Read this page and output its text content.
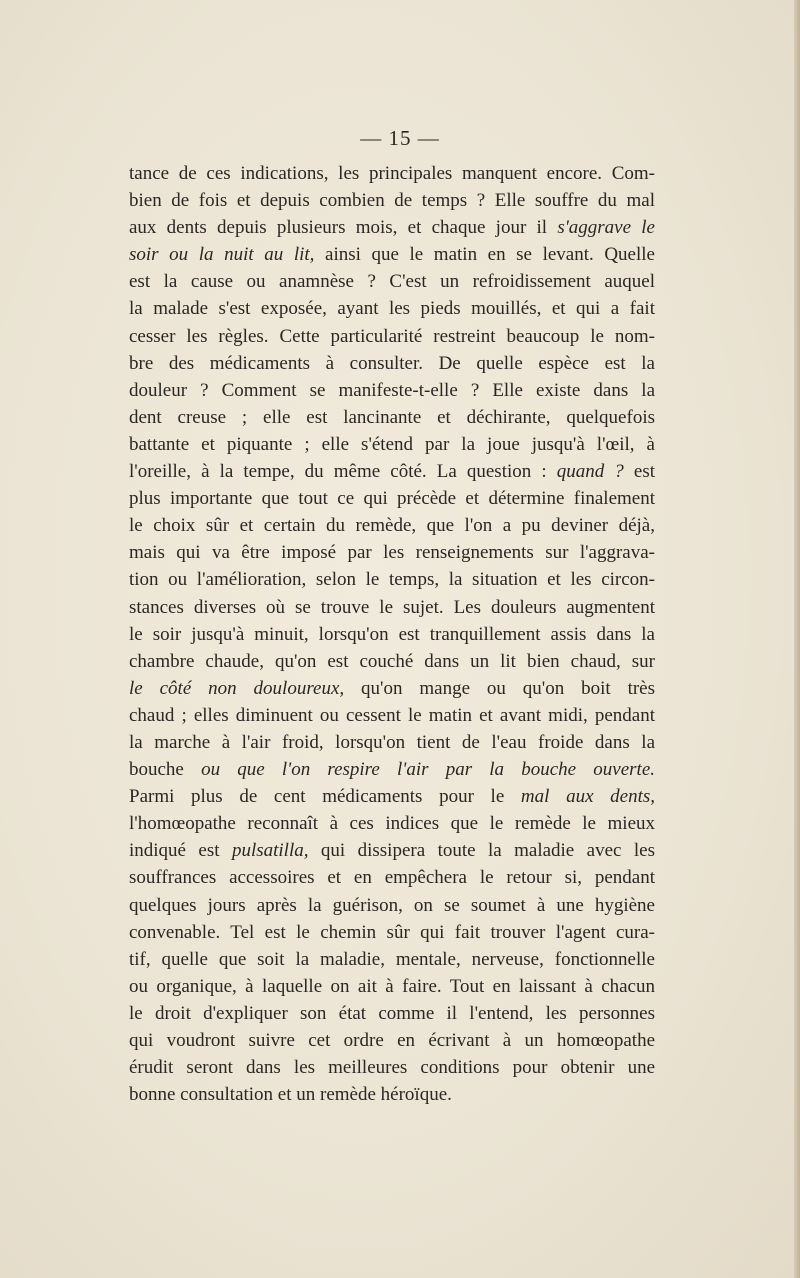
— 15 —
tance de ces indications, les principales manquent encore. Com-
bien de fois et depuis combien de temps ? Elle souffre du mal
aux dents depuis plusieurs mois, et chaque jour il s'aggrave le
soir ou la nuit au lit, ainsi que le matin en se levant. Quelle
est la cause ou anamnèse ? C'est un refroidissement auquel
la malade s'est exposée, ayant les pieds mouillés, et qui a fait
cesser les règles. Cette particularité restreint beaucoup le nom-
bre des médicaments à consulter. De quelle espèce est la
douleur ? Comment se manifeste-t-elle ? Elle existe dans la
dent creuse ; elle est lancinante et déchirante, quelquefois
battante et piquante ; elle s'étend par la joue jusqu'à l'œil, à
l'oreille, à la tempe, du même côté. La question : quand ? est
plus importante que tout ce qui précède et détermine finalement
le choix sûr et certain du remède, que l'on a pu deviner déjà,
mais qui va être imposé par les renseignements sur l'aggrava-
tion ou l'amélioration, selon le temps, la situation et les circon-
stances diverses où se trouve le sujet. Les douleurs augmentent
le soir jusqu'à minuit, lorsqu'on est tranquillement assis dans la
chambre chaude, qu'on est couché dans un lit bien chaud, sur
le côté non douloureux, qu'on mange ou qu'on boit très
chaud ; elles diminuent ou cessent le matin et avant midi, pendant
la marche à l'air froid, lorsqu'on tient de l'eau froide dans la
bouche ou que l'on respire l'air par la bouche ouverte.
Parmi plus de cent médicaments pour le mal aux dents,
l'homœopathe reconnaît à ces indices que le remède le mieux
indiqué est pulsatilla, qui dissipera toute la maladie avec les
souffrances accessoires et en empêchera le retour si, pendant
quelques jours après la guérison, on se soumet à une hygiène
convenable. Tel est le chemin sûr qui fait trouver l'agent cura-
tif, quelle que soit la maladie, mentale, nerveuse, fonctionnelle
ou organique, à laquelle on ait à faire. Tout en laissant à chacun
le droit d'expliquer son état comme il l'entend, les personnes
qui voudront suivre cet ordre en écrivant à un homœopathe
érudit seront dans les meilleures conditions pour obtenir une
bonne consultation et un remède héroïque.
